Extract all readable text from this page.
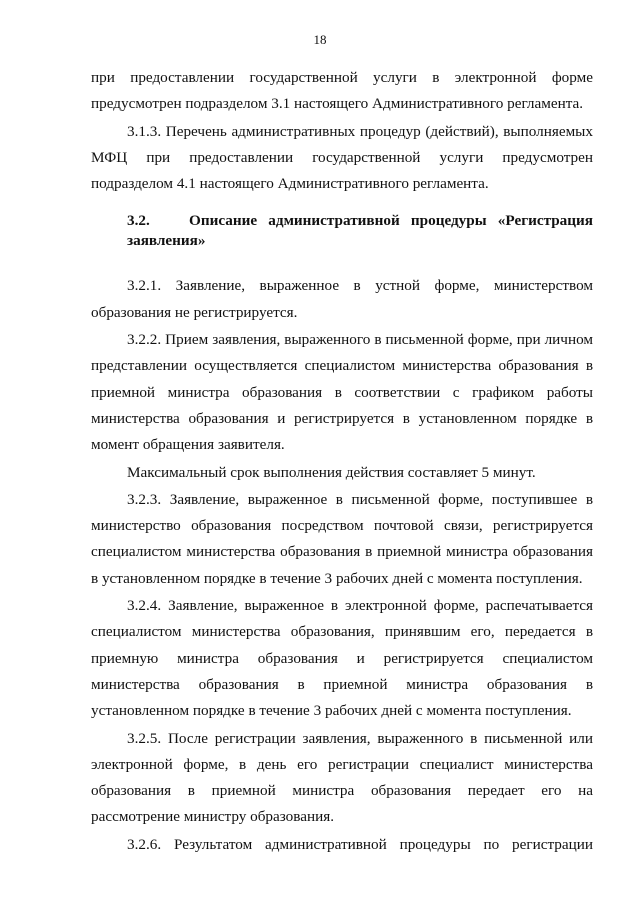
18

при предоставлении государственной услуги в электронной форме предусмотрен подразделом 3.1 настоящего Административного регламента.

3.1.3. Перечень административных процедур (действий), выполняемых МФЦ при предоставлении государственной услуги предусмотрен подразделом 4.1 настоящего Административного регламента.

3.2.	Описание административной процедуры «Регистрация заявления»

3.2.1. Заявление, выраженное в устной форме, министерством образования не регистрируется.

3.2.2. Прием заявления, выраженного в письменной форме, при личном представлении осуществляется специалистом министерства образования в приемной министра образования в соответствии с графиком работы министерства образования и регистрируется в установленном порядке в момент обращения заявителя.

Максимальный срок выполнения действия составляет 5 минут.

3.2.3. Заявление, выраженное в письменной форме, поступившее в министерство образования посредством почтовой связи, регистрируется специалистом министерства образования в приемной министра образования в установленном порядке в течение 3 рабочих дней с момента поступления.

3.2.4. Заявление, выраженное в электронной форме, распечатывается специалистом министерства образования, принявшим его, передается в приемную министра образования и регистрируется специалистом министерства образования в приемной министра образования в установленном порядке в течение 3 рабочих дней с момента поступления.

3.2.5. После регистрации заявления, выраженного в письменной или электронной форме, в день его регистрации специалист министерства образования в приемной министра образования передает его на рассмотрение министру образования.

3.2.6. Результатом административной процедуры по регистрации
